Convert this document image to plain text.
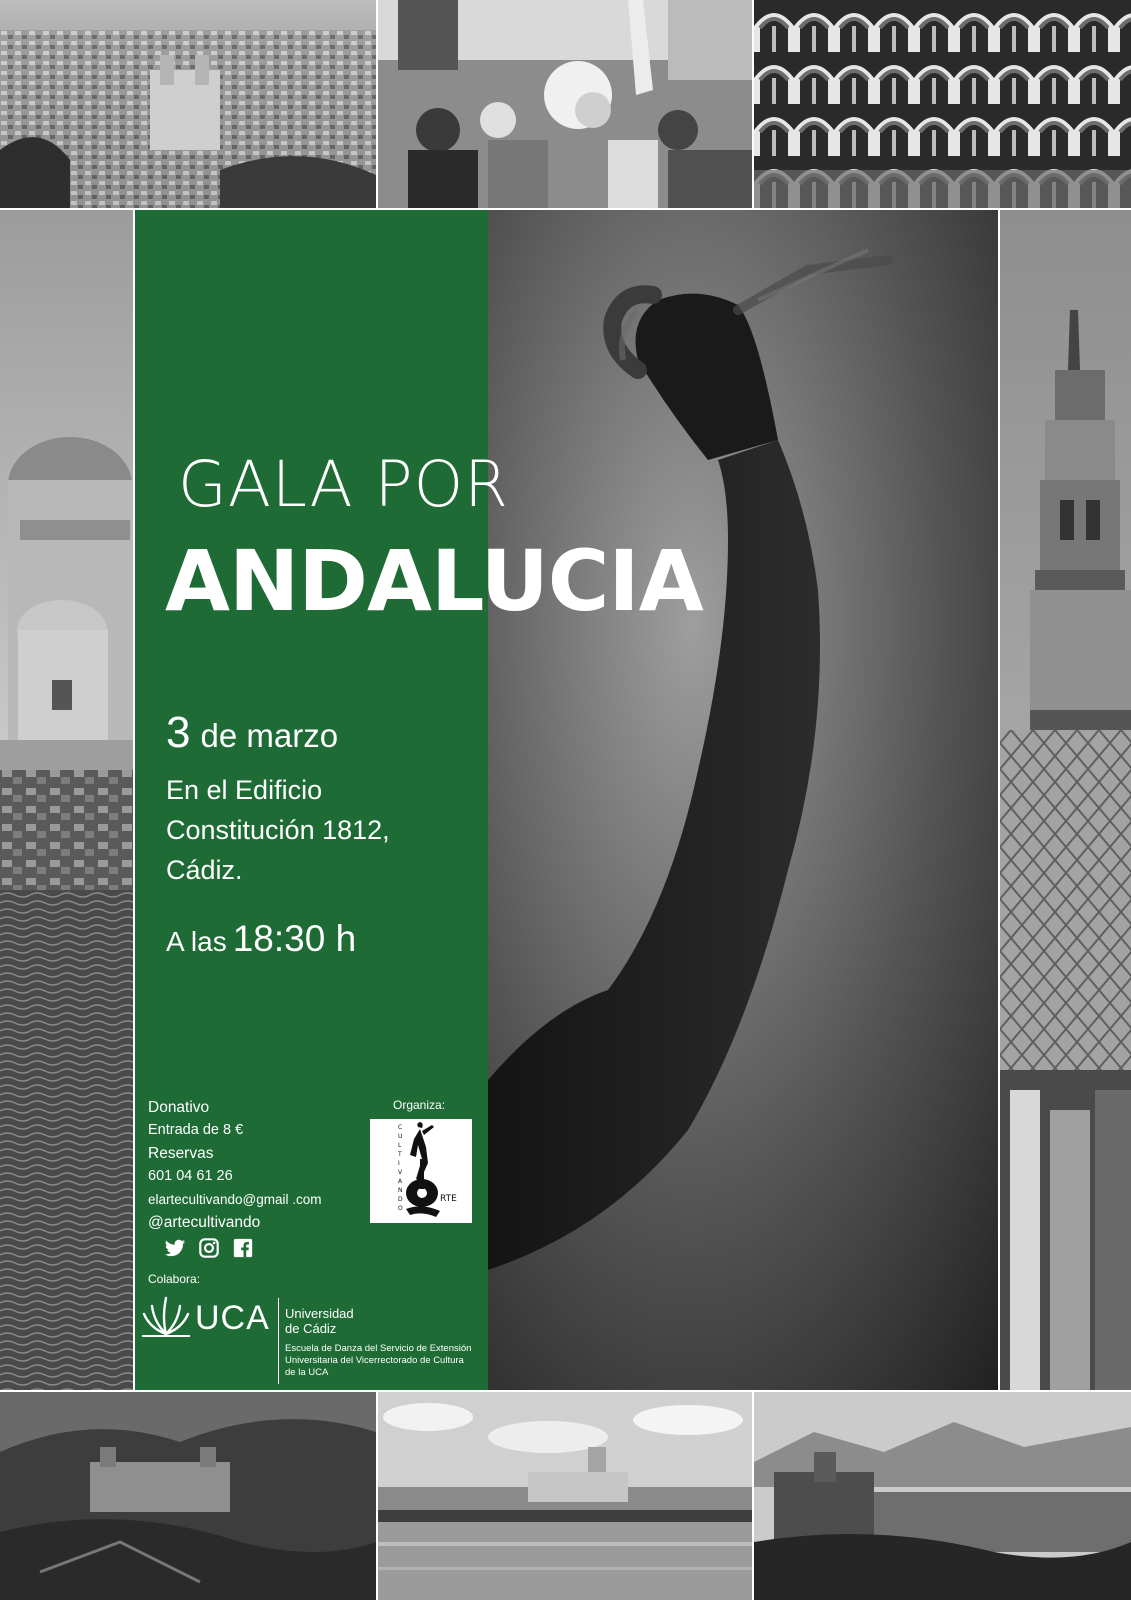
GALA POR
ANDALUCIA
3 de marzo
En el Edificio
Constitución 1812,
Cádiz.
A las 18:30 h
Donativo
Entrada de 8 €
Reservas
601 04 61 26
elartecultivando@gmail .com
@artecultivando
Organiza:
C
U
L
T
I
V
A
N
D
O
RTE
Colabora:
UCA Universidad
de Cádiz
Escuela de Danza del Servicio de Extensión
Universitaria del Vicerrectorado de Cultura
de la UCA
